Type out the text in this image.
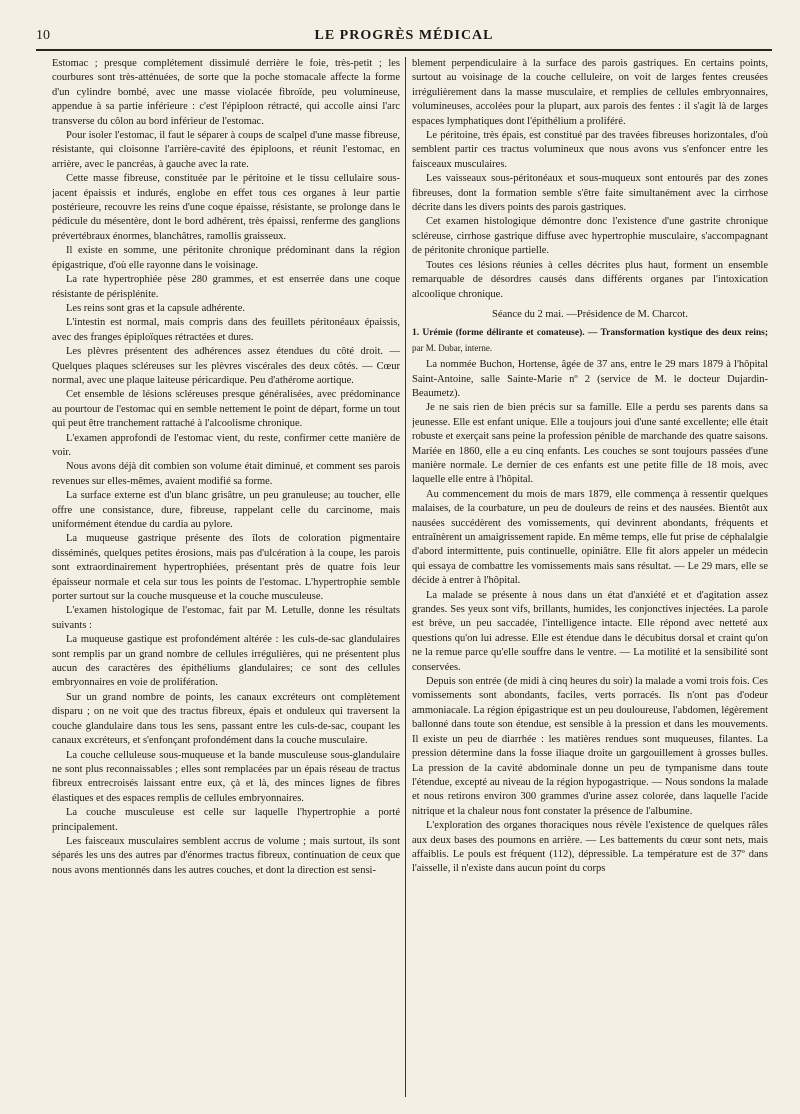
10	LE PROGRÈS MÉDICAL

Estomac ; presque complétement dissimulé derrière le foie, très-petit ; les courbures sont très-atténuées, de sorte que la poche stomacale affecte la forme d'un cylindre bombé, avec une masse violacée fibroïde, peu volumineuse, appendue à sa partie inférieure : c'est l'épiploon rétracté, qui accolle ainsi l'arc transverse du côlon au bord inférieur de l'estomac.

Pour isoler l'estomac, il faut le séparer à coups de scalpel d'une masse fibreuse, résistante, qui cloisonne l'arrière-cavité des épiploons, et réunit l'estomac, en arrière, avec le pancréas, à gauche avec la rate.

Cette masse fibreuse, constituée par le péritoine et le tissu cellulaire sous-jacent épaissis et indurés, englobe en effet tous ces organes à leur partie postérieure, recouvre les reins d'une coque épaisse, résistante, se prolonge dans le pédicule du mésentère, dont le bord adhérent, très épaissi, renferme des ganglions prévertébraux énormes, blanchâtres, ramollis graisseux.

Il existe en somme, une péritonite chronique prédominant dans la région épigastrique, d'où elle rayonne dans le voisinage.

La rate hypertrophiée pèse 280 grammes, et est enserrée dans une coque résistante de périsplénite.

Les reins sont gras et la capsule adhérente.

L'intestin est normal, mais compris dans des feuillets péritonéaux épaissis, avec des franges épiploïques rétractées et dures.

Les plèvres présentent des adhérences assez étendues du côté droit. — Quelques plaques scléreuses sur les plèvres viscérales des deux côtés. — Cœur normal, avec une plaque laiteuse péricardique. Peu d'athérome aortique.

Cet ensemble de lésions scléreuses presque généralisées, avec prédominance au pourtour de l'estomac qui en semble nettement le point de départ, forme un tout qui peut être tranchement rattaché à l'alcoolisme chronique.

L'examen approfondi de l'estomac vient, du reste, confirmer cette manière de voir.

Nous avons déjà dit combien son volume était diminué, et comment ses parois revenues sur elles-mêmes, avaient modifié sa forme.

La surface externe est d'un blanc grisâtre, un peu granuleuse; au toucher, elle offre une consistance, dure, fibreuse, rappelant celle du carcinome, mais uniformément étendue du cardia au pylore.

La muqueuse gastrique présente des îlots de coloration pigmentaire disséminés, quelques petites érosions, mais pas d'ulcération à la coupe, les parois sont extraordinairement hypertrophiées, présentant près de quatre fois leur épaisseur normale et cela sur tous les points de l'estomac. L'hypertrophie semble porter surtout sur la couche musqueuse et la couche musculeuse.

L'examen histologique de l'estomac, fait par M. Letulle, donne les résultats suivants :

La muqueuse gastique est profondément altérée : les culs-de-sac glandulaires sont remplis par un grand nombre de cellules irrégulières, qui ne présentent plus aucun des caractères des épithéliums glandulaires; ce sont des cellules embryonnaires en voie de prolifération.

Sur un grand nombre de points, les canaux excréteurs ont complètement disparu ; on ne voit que des tractus fibreux, épais et onduleux qui traversent la couche glandulaire dans tous les sens, passant entre les culs-de-sac, coupant les canaux excréteurs, et s'enfonçant profondément dans la couche musculaire.

La couche celluleuse sous-muqueuse et la bande musculeuse sous-glandulaire ne sont plus reconnaissables ; elles sont remplacées par un épais réseau de tractus fibreux entrecroisés laissant entre eux, çà et là, des minces lignes de fibres élastiques et des espaces remplis de cellules embryonnaires.

La couche musculeuse est celle sur laquelle l'hypertrophie a porté principalement.

Les faisceaux musculaires semblent accrus de volume ; mais surtout, ils sont séparés les uns des autres par d'énormes tractus fibreux, continuation de ceux que nous avons mentionnés dans les autres couches, et dont la direction est sensi-

blement perpendiculaire à la surface des parois gastriques. En certains points, surtout au voisinage de la couche celluleire, on voit de larges fentes creusées irrégulièrement dans la masse musculaire, et remplies de cellules embryonnaires, volumineuses, accolées pour la plupart, aux parois des fentes : il s'agit là de larges espaces lymphatiques dont l'épithélium a proliféré.

Le péritoine, très épais, est constitué par des travées fibreuses horizontales, d'où semblent partir ces tractus volumineux que nous avons vus s'enfoncer entre les faisceaux musculaires.

Les vaisseaux sous-péritonéaux et sous-muqueux sont entourés par des zones fibreuses, dont la formation semble s'être faite simultanément avec la cirrhose décrite dans les divers points des parois gastriques.

Cet examen histologique démontre donc l'existence d'une gastrite chronique scléreuse, cirrhose gastrique diffuse avec hypertrophie musculaire, s'accompagnant de péritonite chronique partielle.

Toutes ces lésions réunies à celles décrites plus haut, forment un ensemble remarquable de désordres causés dans différents organes par l'intoxication alcoolique chronique.

Séance du 2 mai. —Présidence de M. Charcot.
1. Urémie (forme délirante et comateuse). — Transformation kystique des deux reins; par M. Dubar, interne.

La nommée Buchon, Hortense, âgée de 37 ans, entre le 29 mars 1879 à l'hôpital Saint-Antoine, salle Sainte-Marie nº 2 (service de M. le docteur Dujardin-Beaumetz).

Je ne sais rien de bien précis sur sa famille. Elle a perdu ses parents dans sa jeunesse. Elle est enfant unique. Elle a toujours joui d'une santé excellente; elle était robuste et exerçait sans peine la profession pénible de marchande des quatre saisons. Mariée en 1860, elle a eu cinq enfants. Les couches se sont toujours passées d'une manière normale. Le dernier de ces enfants est une petite fille de 18 mois, avec laquelle elle entre à l'hôpital.

Au commencement du mois de mars 1879, elle commença à ressentir quelques malaises, de la courbature, un peu de douleurs de reins et des nausées. Bientôt aux nausées succédèrent des vomissements, qui devinrent abondants, fréquents et entraînèrent un amaigrissement rapide. En même temps, elle fut prise de céphalalgie d'abord intermittente, puis continuelle, opiniâtre. Elle fit alors appeler un médecin qui essaya de combattre les vomissements mais sans résultat. — Le 29 mars, elle se décide à entrer à l'hôpital.

La malade se présente à nous dans un état d'anxiété et et d'agitation assez grandes. Ses yeux sont vifs, brillants, humides, les conjonctives injectées. La parole est brève, un peu saccadée, l'intelligence intacte. Elle répond avec netteté aux questions qu'on lui adresse. Elle est étendue dans le décubitus dorsal et craint qu'on ne la remue parce qu'elle souffre dans le ventre. — La motilité et la sensibilité sont conservées.

Depuis son entrée (de midi à cinq heures du soir) la malade a vomi trois fois. Ces vomissements sont abondants, faciles, verts porracés. Ils n'ont pas d'odeur ammoniacale. La région épigastrique est un peu douloureuse, l'abdomen, légèrement ballonné dans toute son étendue, est sensible à la pression et dans les mouvements. Il existe un peu de diarrhée : les matières rendues sont muqueuses, filantes. La pression détermine dans la fosse iliaque droite un gargouillement à grosses bulles. La pression de la cavité abdominale donne un peu de tympanisme dans toute l'étendue, excepté au niveau de la région hypogastrique. — Nous sondons la malade et nous retirons environ 300 grammes d'urine assez colorée, dans laquelle l'acide nitrique et la chaleur nous font constater la présence de l'albumine.

L'exploration des organes thoraciques nous révèle l'existence de quelques râles aux deux bases des poumons en arrière. — Les battements du cœur sont nets, mais affaiblis. Le pouls est fréquent (112), dépressible. La température est de 37º dans l'aisselle, il n'existe dans aucun point du corps
